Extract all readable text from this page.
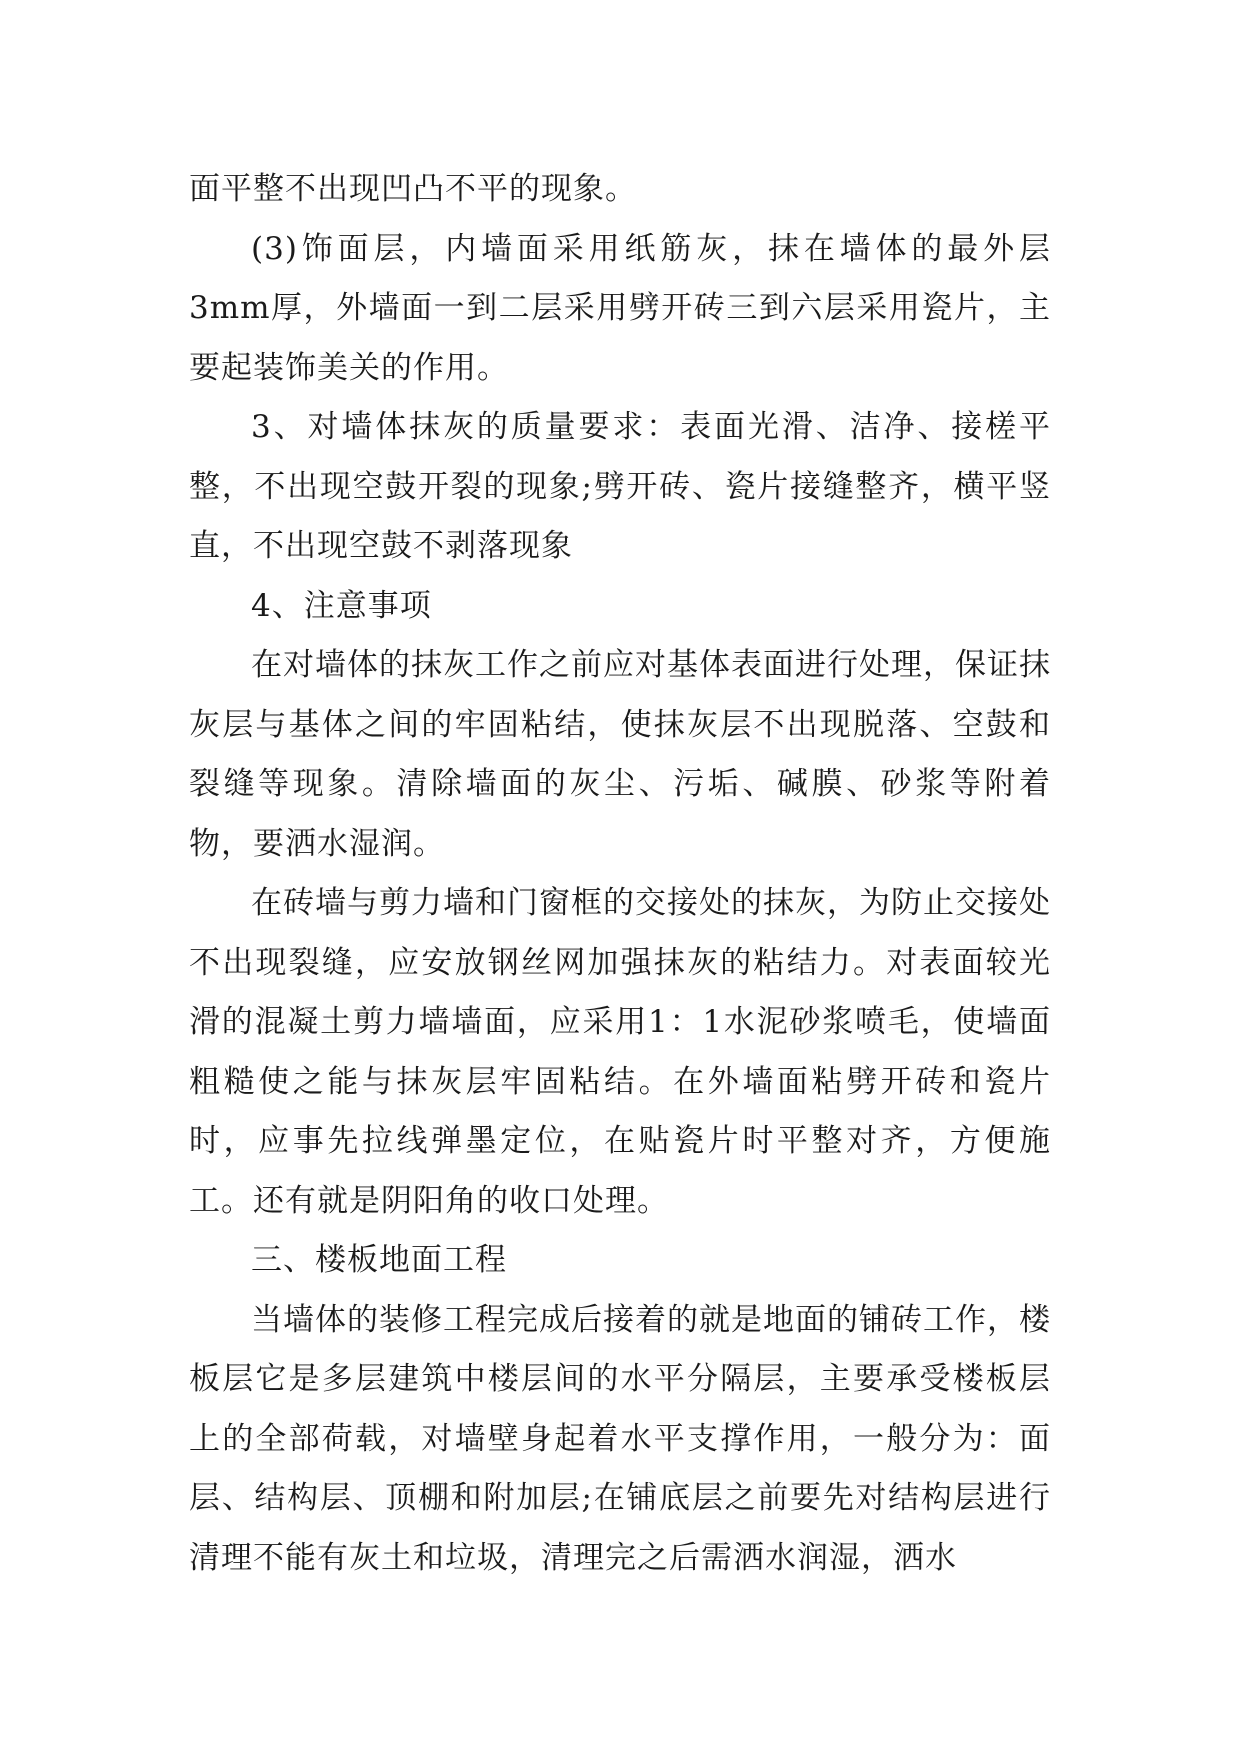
面平整不出现凹凸不平的现象。

(3)饰面层，内墙面采用纸筋灰，抹在墙体的最外层3mm厚，外墙面一到二层采用劈开砖三到六层采用瓷片，主要起装饰美关的作用。

3、对墙体抹灰的质量要求：表面光滑、洁净、接槎平整，不出现空鼓开裂的现象;劈开砖、瓷片接缝整齐，横平竖直，不出现空鼓不剥落现象

4、注意事项

在对墙体的抹灰工作之前应对基体表面进行处理，保证抹灰层与基体之间的牢固粘结，使抹灰层不出现脱落、空鼓和裂缝等现象。清除墙面的灰尘、污垢、碱膜、砂浆等附着物，要洒水湿润。

在砖墙与剪力墙和门窗框的交接处的抹灰，为防止交接处不出现裂缝，应安放钢丝网加强抹灰的粘结力。对表面较光滑的混凝土剪力墙墙面，应采用1：1水泥砂浆喷毛，使墙面粗糙使之能与抹灰层牢固粘结。在外墙面粘劈开砖和瓷片时，应事先拉线弹墨定位，在贴瓷片时平整对齐，方便施工。还有就是阴阳角的收口处理。

三、楼板地面工程

当墙体的装修工程完成后接着的就是地面的铺砖工作，楼板层它是多层建筑中楼层间的水平分隔层，主要承受楼板层上的全部荷载，对墙壁身起着水平支撑作用，一般分为：面层、结构层、顶棚和附加层;在铺底层之前要先对结构层进行清理不能有灰土和垃圾，清理完之后需洒水润湿，洒水
